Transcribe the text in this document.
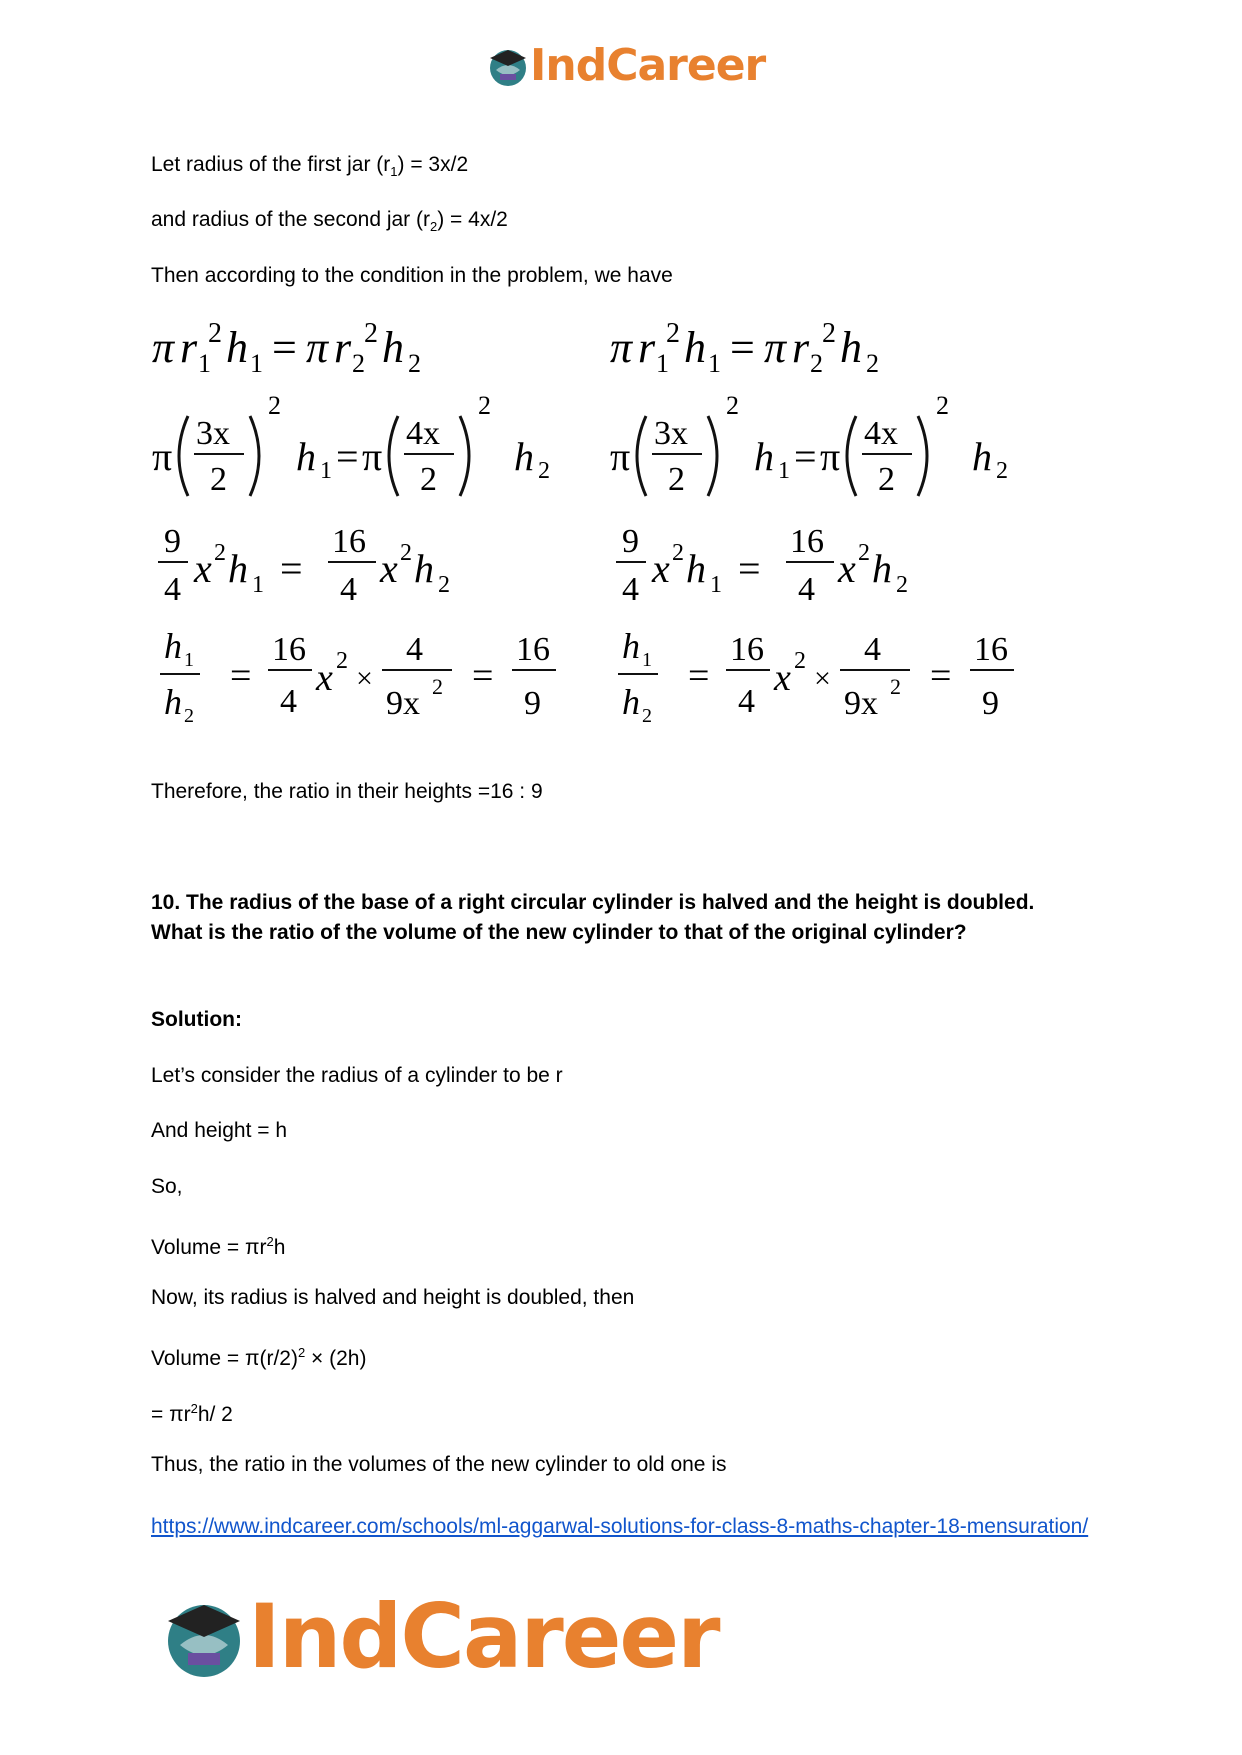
IndCareer
Let radius of the first jar $(r_1) = 3x/2$
and radius of the second jar $(r_2) = 4x/2$
Then according to the condition in the problem, we have
π r 1
2 h 1 = π r 2
2 h 2
π
3x
2
2
h 1 = π
4x
2
2
h 2
9
4 x 2 h 1 =
16
4 x 2 h 2
h 1
h 2
=
16
4
x 2
×
4
9x 2 =
16
9
π r 1
2 h 1 = π r 2
2 h 2
π
3x
2
2
h 1 = π
4x
2
2
h 2
9
4 x 2 h 1 =
16
4 x 2 h 2
h 1
h 2
=
16
4
x 2
×
4
9x 2 =
16
9
Therefore, the ratio in their heights =16 : 9
10. The radius of the base of a right circular cylinder is halved and the height is doubled. What is the ratio of the volume of the new cylinder to that of the original cylinder?
Solution:
Let’s consider the radius of a cylinder to be r
And height = h
So,
Volume = $\pi r^2h$
Now, its radius is halved and height is doubled, then
Volume = $\pi(r/2)^2 \times (2h)$
= $\pi r^2h/$ 2
Thus, the ratio in the volumes of the new cylinder to old one is
https://www.indcareer.com/schools/ml-aggarwal-solutions-for-class-8-maths-chapter-18-mensuration/
IndCareer
